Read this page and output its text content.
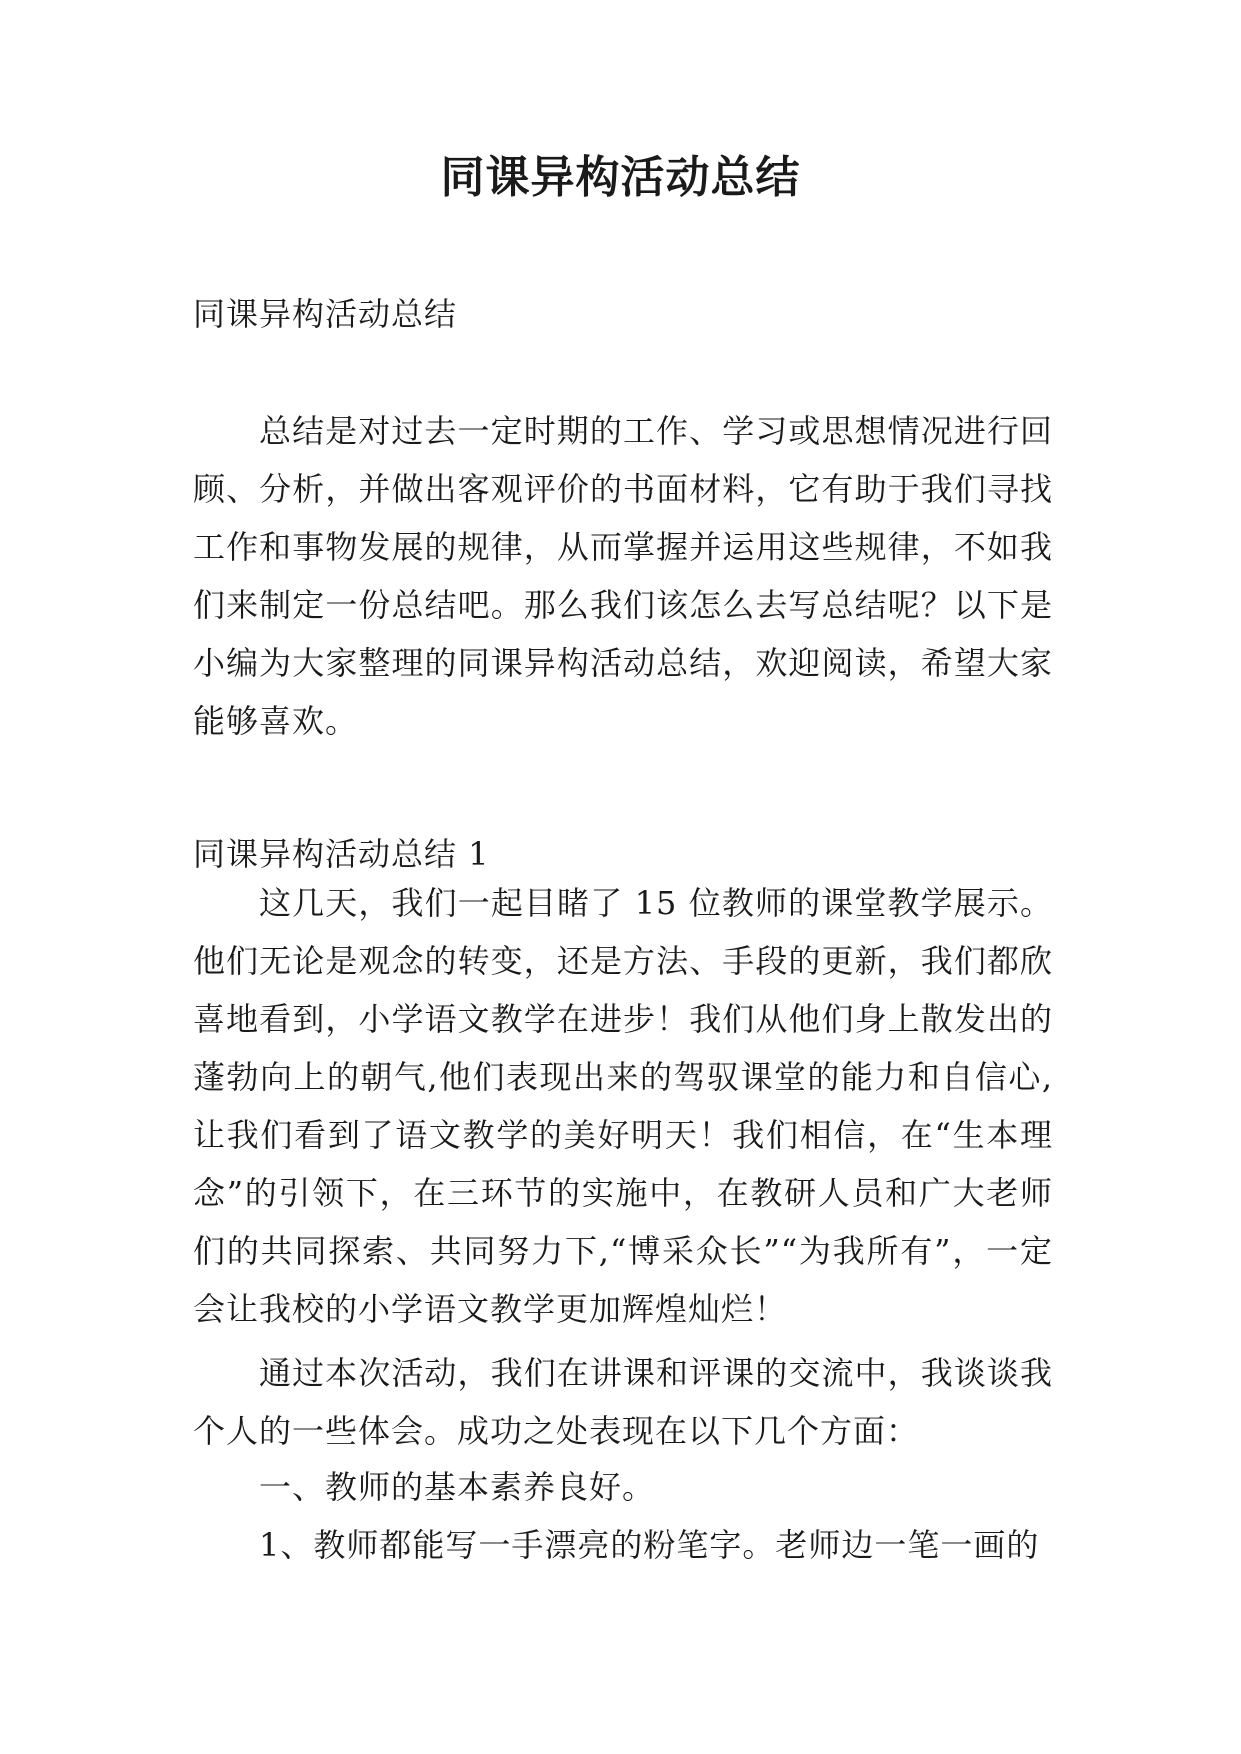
同课异构活动总结

同课异构活动总结

总结是对过去一定时期的工作、学习或思想情况进行回顾、分析，并做出客观评价的书面材料，它有助于我们寻找工作和事物发展的规律，从而掌握并运用这些规律，不如我们来制定一份总结吧。那么我们该怎么去写总结呢？以下是小编为大家整理的同课异构活动总结，欢迎阅读，希望大家能够喜欢。

同课异构活动总结 1

这几天，我们一起目睹了 15 位教师的课堂教学展示。他们无论是观念的转变，还是方法、手段的更新，我们都欣喜地看到，小学语文教学在进步！我们从他们身上散发出的蓬勃向上的朝气,他们表现出来的驾驭课堂的能力和自信心,让我们看到了语文教学的美好明天！我们相信，在“生本理念”的引领下，在三环节的实施中，在教研人员和广大老师们的共同探索、共同努力下,“博采众长”“为我所有”，一定会让我校的小学语文教学更加辉煌灿烂！

通过本次活动，我们在讲课和评课的交流中，我谈谈我个人的一些体会。成功之处表现在以下几个方面：

一、教师的基本素养良好。

1、教师都能写一手漂亮的粉笔字。老师边一笔一画的
